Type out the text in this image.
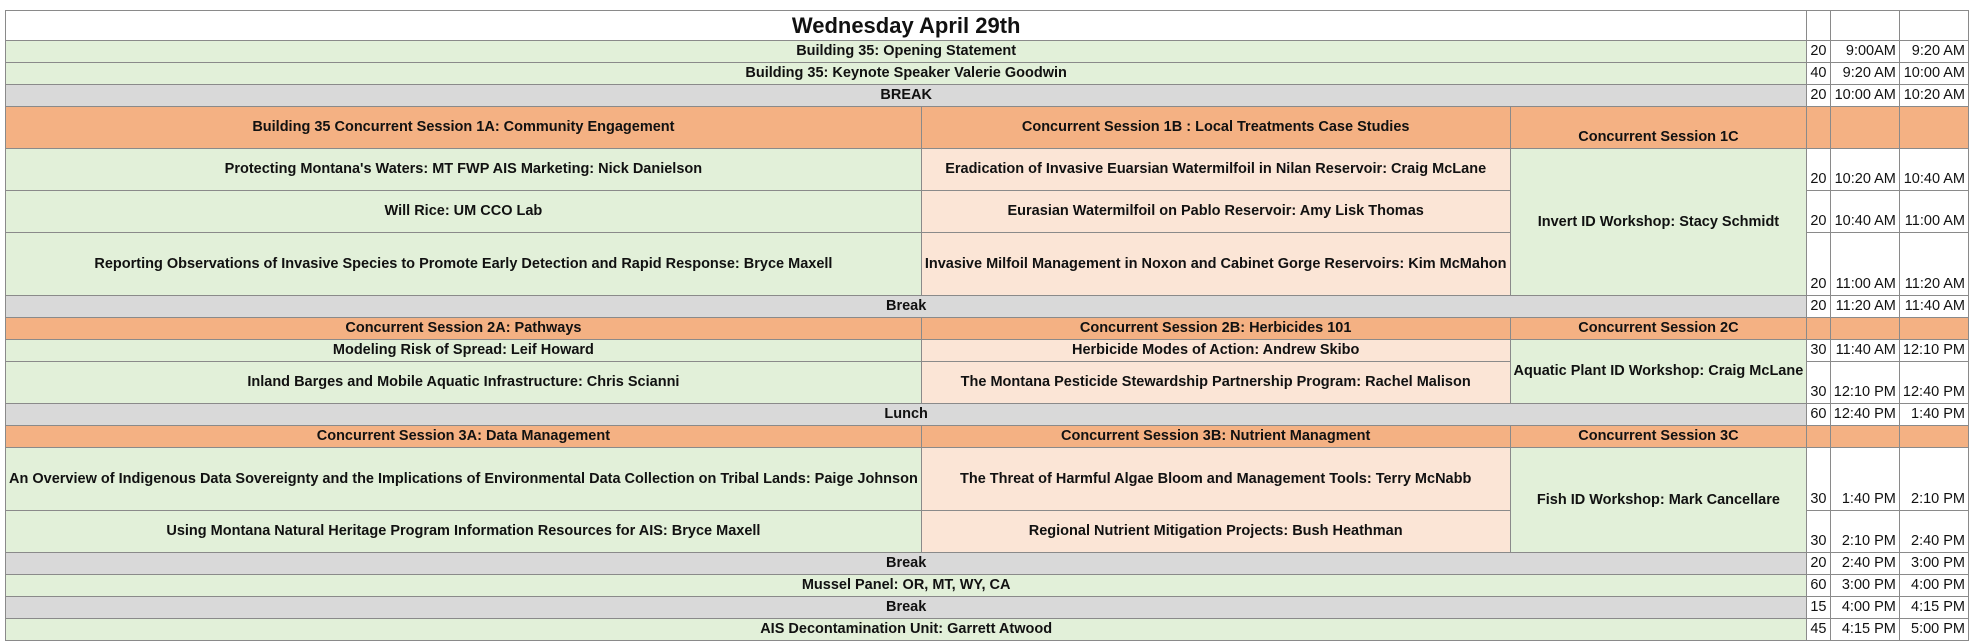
Wednesday April 29th					
Building 35: Opening Statement			20	9:00AM	9:20 AM
Building 35: Keynote Speaker Valerie Goodwin			40	9:20 AM	10:00 AM
BREAK			20	10:00 AM	10:20 AM
Building 35 Concurrent Session 1A: Community Engagement	Concurrent Session 1B : Local Treatments Case Studies	Concurrent Session 1C			
Protecting Montana's Waters: MT FWP AIS Marketing: Nick Danielson	Eradication of Invasive Euarsian Watermilfoil in Nilan Reservoir: Craig McLane	Invert ID Workshop: Stacy Schmidt	20	10:20 AM	10:40 AM
Will Rice: UM CCO Lab	Eurasian Watermilfoil on Pablo Reservoir: Amy Lisk Thomas		20	10:40 AM	11:00 AM
Reporting Observations of Invasive Species to Promote Early Detection and Rapid Response: Bryce Maxell	Invasive Milfoil Management in Noxon and Cabinet Gorge Reservoirs: Kim McMahon		20	11:00 AM	11:20 AM
Break			20	11:20 AM	11:40 AM
Concurrent Session 2A: Pathways	Concurrent Session 2B: Herbicides 101	Concurrent Session 2C			
Modeling Risk of Spread: Leif Howard	Herbicide Modes of Action: Andrew Skibo	Aquatic Plant ID Workshop: Craig McLane	30	11:40 AM	12:10 PM
Inland Barges and Mobile Aquatic Infrastructure: Chris Scianni	The Montana Pesticide Stewardship Partnership Program: Rachel Malison		30	12:10 PM	12:40 PM
Lunch			60	12:40 PM	1:40 PM
Concurrent Session 3A: Data Management	Concurrent Session 3B: Nutrient Managment	Concurrent Session 3C			
An Overview of Indigenous Data Sovereignty and the Implications of Environmental Data Collection on Tribal Lands: Paige Johnson	The Threat of Harmful Algae Bloom and Management Tools: Terry McNabb	Fish ID Workshop: Mark Cancellare	30	1:40 PM	2:10 PM
Using Montana Natural Heritage Program Information Resources for AIS: Bryce Maxell	Regional Nutrient Mitigation Projects: Bush Heathman		30	2:10 PM	2:40 PM
Break			20	2:40 PM	3:00 PM
Mussel Panel: OR, MT, WY, CA			60	3:00 PM	4:00 PM
Break			15	4:00 PM	4:15 PM
AIS Decontamination Unit: Garrett Atwood			45	4:15 PM	5:00 PM
